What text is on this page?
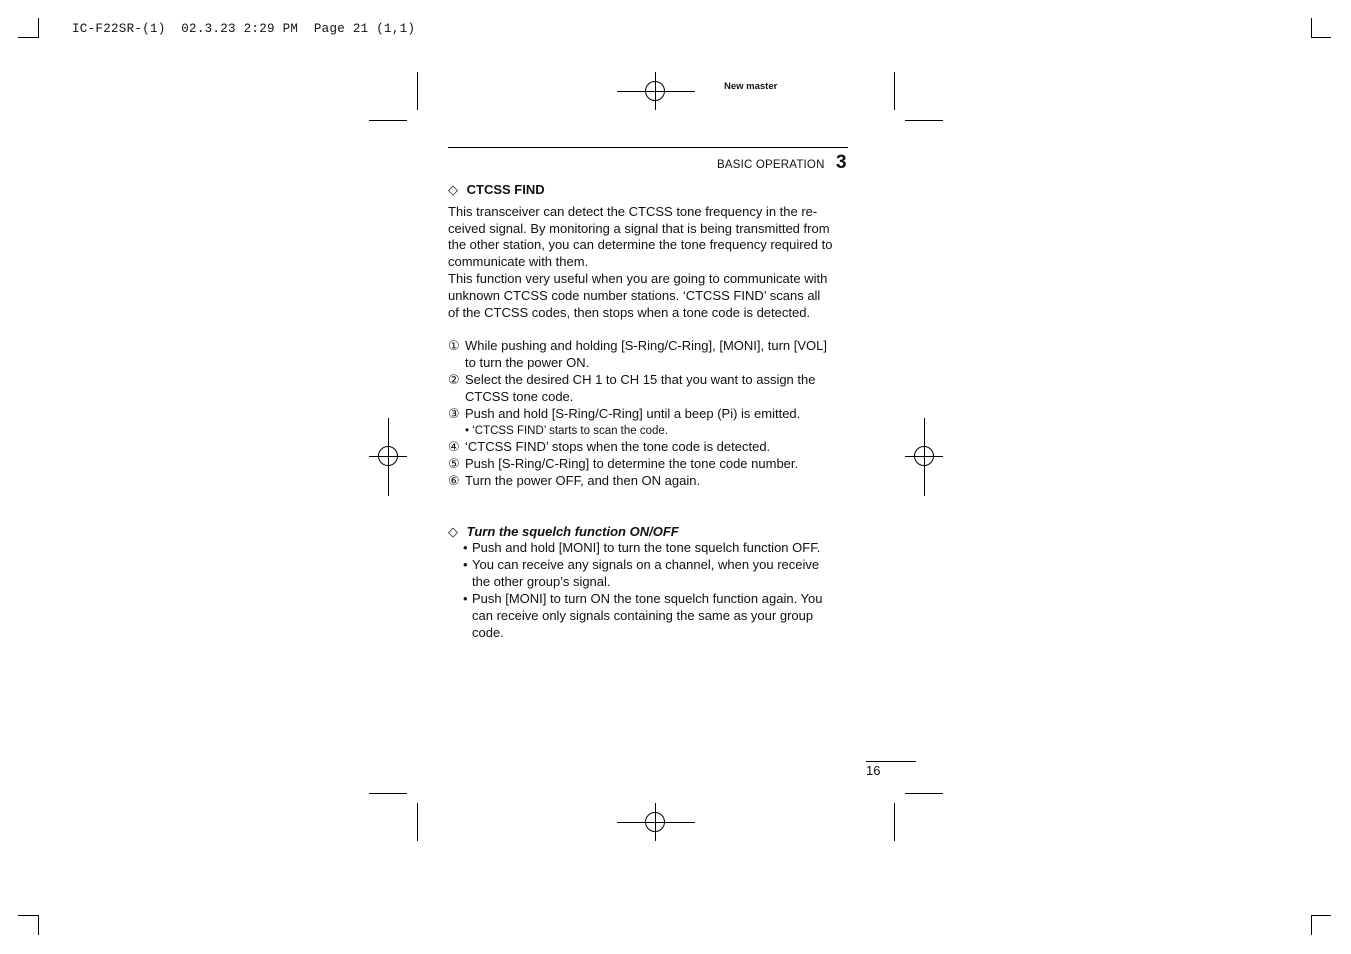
IC-F22SR-(1)  02.3.23 2:29 PM  Page 21 (1,1)
New master
BASIC OPERATION 3
◇ CTCSS FIND
This transceiver can detect the CTCSS tone frequency in the re-
ceived signal. By monitoring a signal that is being transmitted from
the other station, you can determine the tone frequency required to
communicate with them.
This function very useful when you are going to communicate with
unknown CTCSS code number stations. ‘CTCSS FIND’ scans all
of the CTCSS codes, then stops when a tone code is detected.
① While pushing and holding [S-Ring/C-Ring], [MONI], turn [VOL]
to turn the power ON.
② Select the desired CH 1 to CH 15 that you want to assign the
CTCSS tone code.
③ Push and hold [S-Ring/C-Ring] until a beep (Pi) is emitted.
• ‘CTCSS FIND’ starts to scan the code.
④ ‘CTCSS FIND’ stops when the tone code is detected.
⑤ Push [S-Ring/C-Ring] to determine the tone code number.
⑥ Turn the power OFF, and then ON again.
◇ Turn the squelch function ON/OFF
• Push and hold [MONI] to turn the tone squelch function OFF.
• You can receive any signals on a channel, when you receive
the other group’s signal.
• Push [MONI] to turn ON the tone squelch function again. You
can receive only signals containing the same as your group
code.
16
